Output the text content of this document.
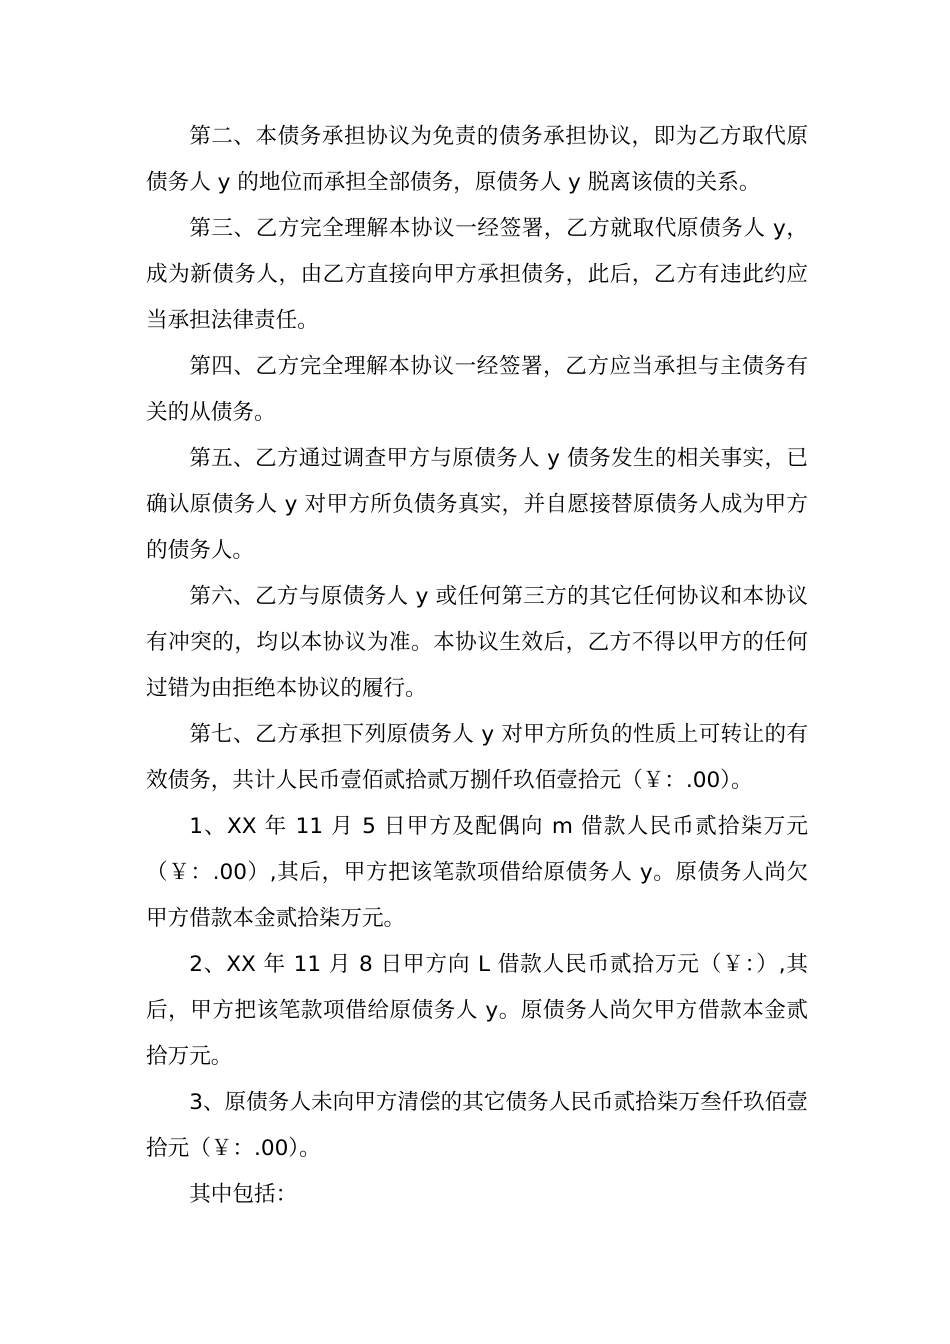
第二、本债务承担协议为免责的债务承担协议，即为乙方取代原债务人 y 的地位而承担全部债务，原债务人 y 脱离该债的关系。

第三、乙方完全理解本协议一经签署，乙方就取代原债务人 y，成为新债务人，由乙方直接向甲方承担债务，此后，乙方有违此约应当承担法律责任。

第四、乙方完全理解本协议一经签署，乙方应当承担与主债务有关的从债务。

第五、乙方通过调查甲方与原债务人 y 债务发生的相关事实，已确认原债务人 y 对甲方所负债务真实，并自愿接替原债务人成为甲方的债务人。

第六、乙方与原债务人 y 或任何第三方的其它任何协议和本协议有冲突的，均以本协议为准。本协议生效后，乙方不得以甲方的任何过错为由拒绝本协议的履行。

第七、乙方承担下列原债务人 y 对甲方所负的性质上可转让的有效债务，共计人民币壹佰贰拾贰万捌仟玖佰壹拾元（￥：.00）。

1、XX 年 11 月 5 日甲方及配偶向 m 借款人民币贰拾柒万元（￥：.00）,其后，甲方把该笔款项借给原债务人 y。原债务人尚欠甲方借款本金贰拾柒万元。

2、XX 年 11 月 8 日甲方向 L 借款人民币贰拾万元（￥：）,其后，甲方把该笔款项借给原债务人 y。原债务人尚欠甲方借款本金贰拾万元。

3、原债务人未向甲方清偿的其它债务人民币贰拾柒万叁仟玖佰壹拾元（￥：.00）。

其中包括：
